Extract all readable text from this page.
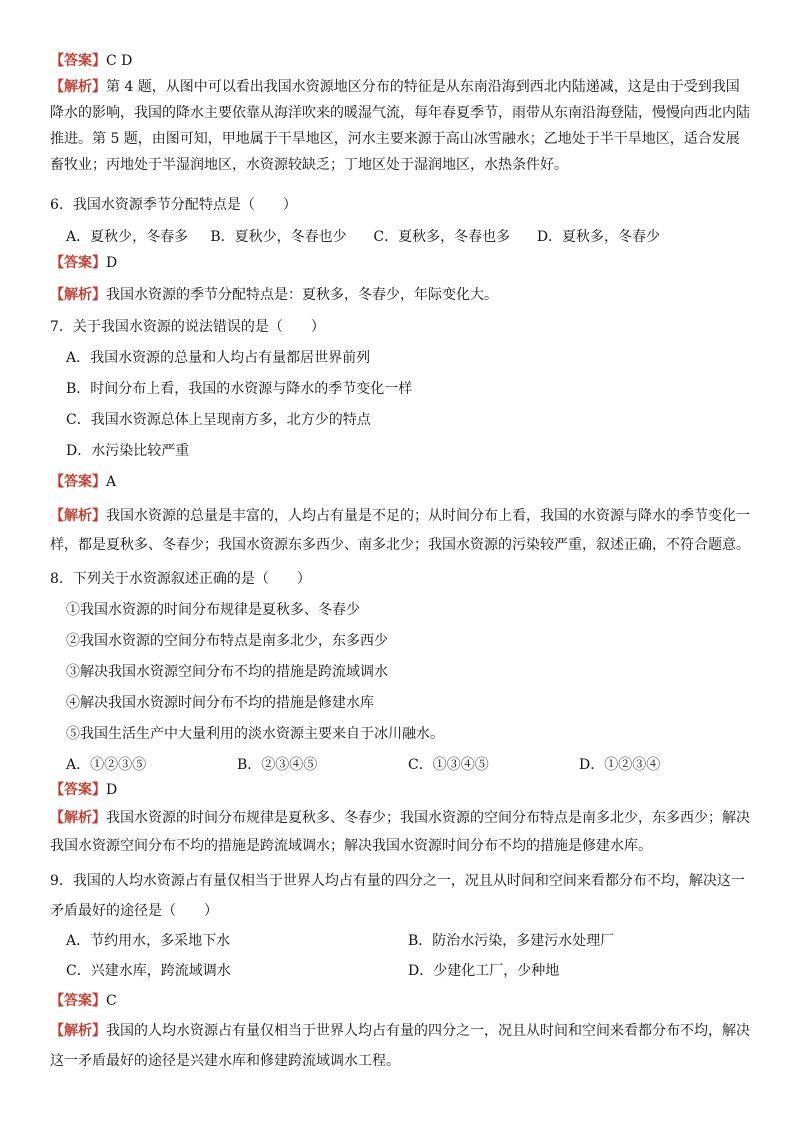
【答案】C D

【解析】第 4 题，从图中可以看出我国水资源地区分布的特征是从东南沿海到西北内陆递减，这是由于受到我国降水的影响，我国的降水主要依靠从海洋吹来的暖湿气流，每年春夏季节，雨带从东南沿海登陆，慢慢向西北内陆推进。第 5 题，由图可知，甲地属于干旱地区，河水主要来源于高山冰雪融水；乙地处于半干旱地区，适合发展畜牧业；丙地处于半湿润地区，水资源较缺乏；丁地区处于湿润地区，水热条件好。

6．我国水资源季节分配特点是（　　）

A．夏秋少，冬春多 B．夏秋少，冬春也少 C．夏秋多，冬春也多 D．夏秋多，冬春少

【答案】D

【解析】我国水资源的季节分配特点是：夏秋多，冬春少，年际变化大。

7．关于我国水资源的说法错误的是（　　）

A．我国水资源的总量和人均占有量都居世界前列

B．时间分布上看，我国的水资源与降水的季节变化一样

C．我国水资源总体上呈现南方多，北方少的特点

D．水污染比较严重

【答案】A

【解析】我国水资源的总量是丰富的，人均占有量是不足的；从时间分布上看，我国的水资源与降水的季节变化一样，都是夏秋多、冬春少；我国水资源东多西少、南多北少；我国水资源的污染较严重，叙述正确，不符合题意。

8．下列关于水资源叙述正确的是（　　）

①我国水资源的时间分布规律是夏秋多、冬春少

②我国水资源的空间分布特点是南多北少，东多西少

③解决我国水资源空间分布不均的措施是跨流域调水

④解决我国水资源时间分布不均的措施是修建水库

⑤我国生活生产中大量利用的淡水资源主要来自于冰川融水。

A．①②③⑤	B．②③④⑤	C．①③④⑤	D．①②③④

【答案】D

【解析】我国水资源的时间分布规律是夏秋多、冬春少；我国水资源的空间分布特点是南多北少，东多西少；解决我国水资源空间分布不均的措施是跨流域调水；解决我国水资源时间分布不均的措施是修建水库。

9．我国的人均水资源占有量仅相当于世界人均占有量的四分之一，况且从时间和空间来看都分布不均，解决这一矛盾最好的途径是（　　）

A．节约用水，多采地下水	B．防治水污染，多建污水处理厂
C．兴建水库，跨流域调水	D．少建化工厂，少种地

【答案】C

【解析】我国的人均水资源占有量仅相当于世界人均占有量的四分之一，况且从时间和空间来看都分布不均，解决这一矛盾最好的途径是兴建水库和修建跨流域调水工程。
